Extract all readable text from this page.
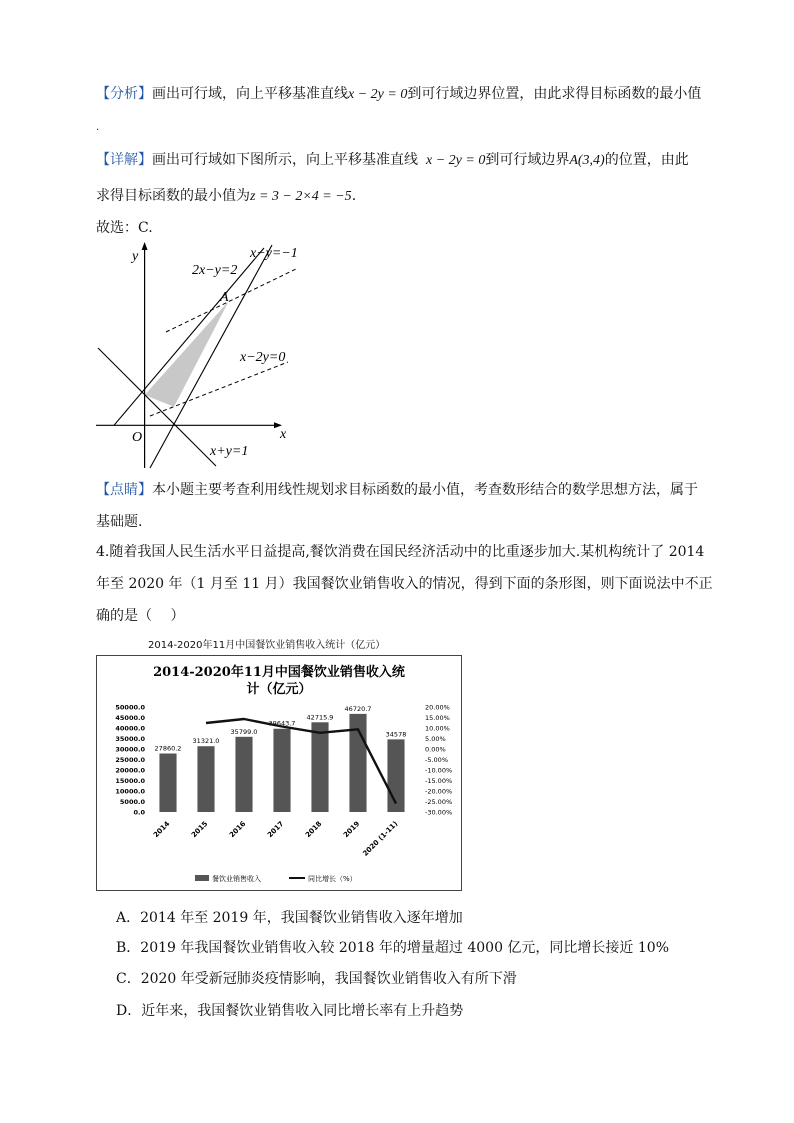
【分析】画出可行域，向上平移基准直线x − 2y = 0到可行域边界位置，由此求得目标函数的最小值
.
【详解】画出可行域如下图所示，向上平移基准直线 x − 2y = 0到可行域边界A(3,4)的位置，由此
求得目标函数的最小值为z = 3 − 2×4 = −5.
故选：C.
y
x
O
A
x−y=−1
2x−y=2
x−2y=0
x+y=1
【点睛】本小题主要考查利用线性规划求目标函数的最小值，考查数形结合的数学思想方法，属于
基础题.
4.随着我国人民生活水平日益提高,餐饮消费在国民经济活动中的比重逐步加大.某机构统计了 2014
年至 2020 年（1 月至 11 月）我国餐饮业销售收入的情况，得到下面的条形图，则下面说法中不正
确的是（　 ）
2014-2020年11月中国餐饮业销售收入统计（亿元）
2014-2020年11月中国餐饮业销售收入统
计（亿元）
0.0
5000.0
10000.0
15000.0
20000.0
25000.0
30000.0
35000.0
40000.0
45000.0
50000.0
-30.00%
-25.00%
-20.00%
-15.00%
-10.00%
-5.00%
0.00%
5.00%
10.00%
15.00%
20.00%
27860.2
31321.0
35799.0
39643.7
42715.9
46720.7
34578
2014	2015	2016	2017	2018	2019 2020 (1-11)
餐饮业销售收入	同比增长（%）
A．2014 年至 2019 年，我国餐饮业销售收入逐年增加
B．2019 年我国餐饮业销售收入较 2018 年的增量超过 4000 亿元，同比增长接近 10%
C．2020 年受新冠肺炎疫情影响，我国餐饮业销售收入有所下滑
D．近年来，我国餐饮业销售收入同比增长率有上升趋势
